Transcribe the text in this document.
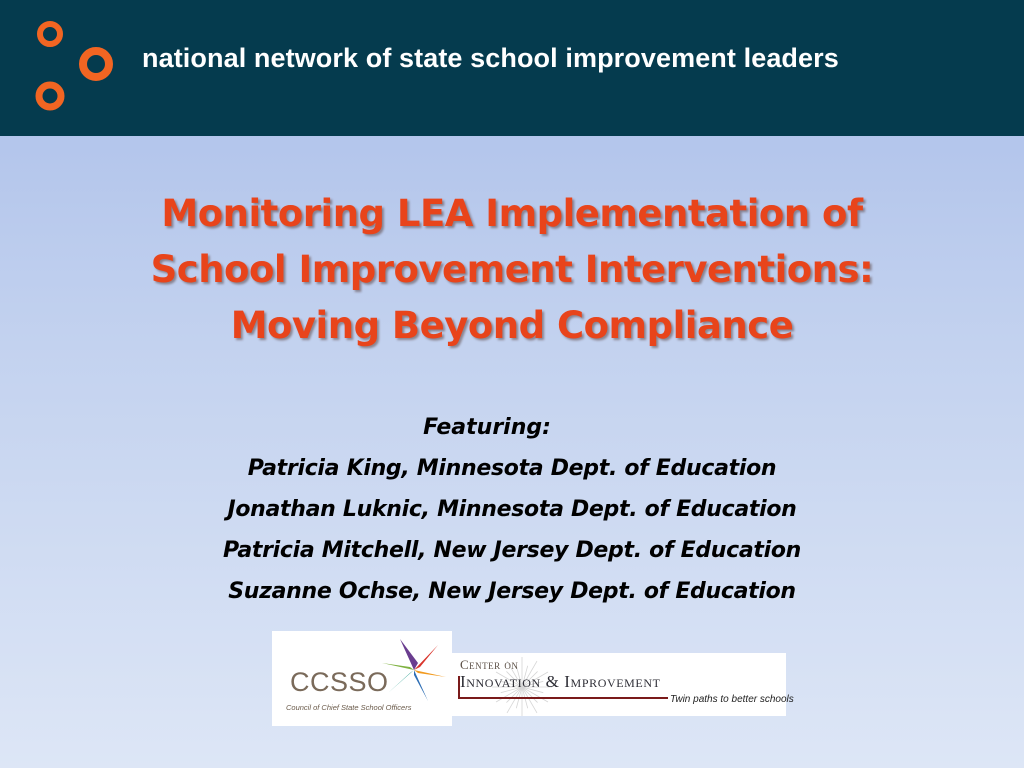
national network of state school improvement leaders
Monitoring LEA Implementation of
School Improvement Interventions:
Moving Beyond Compliance
Featuring:
Patricia King, Minnesota Dept. of Education
Jonathan Luknic, Minnesota Dept. of Education
Patricia Mitchell, New Jersey Dept. of Education
Suzanne Ochse, New Jersey Dept. of Education
CCSSO
Council of Chief State School Officers
Center on
Innovation & Improvement
Twin paths to better schools
